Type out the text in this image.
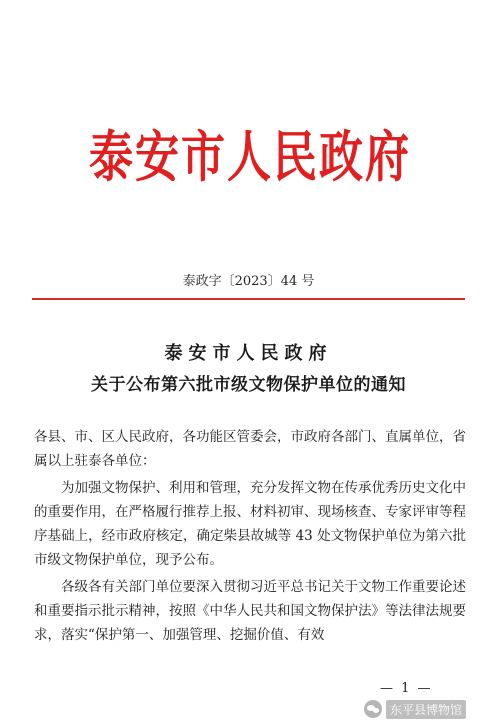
泰安市人民政府
泰政字〔2023〕44 号
泰安市人民政府
关于公布第六批市级文物保护单位的通知

各县、市、区人民政府，各功能区管委会，市政府各部门、直属单位，省属以上驻泰各单位：

为加强文物保护、利用和管理，充分发挥文物在传承优秀历史文化中的重要作用，在严格履行推荐上报、材料初审、现场核查、专家评审等程序基础上，经市政府核定，确定柴县故城等 43 处文物保护单位为第六批市级文物保护单位，现予公布。

各级各有关部门单位要深入贯彻习近平总书记关于文物工作重要论述和重要指示批示精神，按照《中华人民共和国文物保护法》等法律法规要求，落实“保护第一、加强管理、挖掘价值、有效

— 1 —
东平县博物馆
